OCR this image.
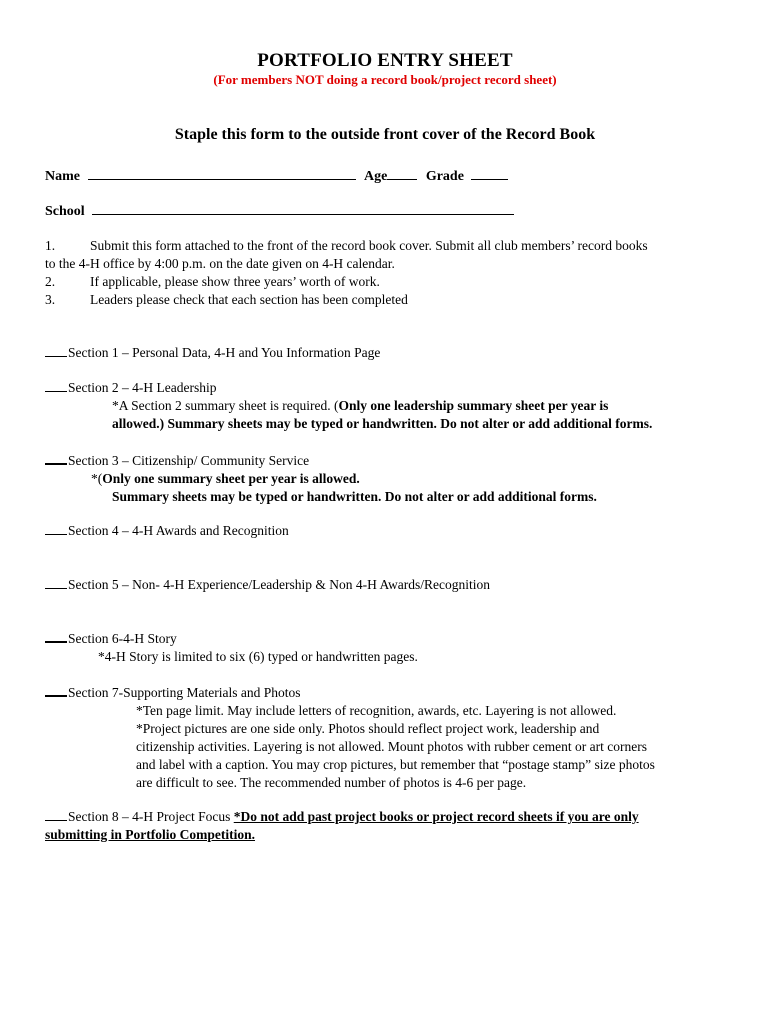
PORTFOLIO ENTRY SHEET
(For members NOT doing a record book/project record sheet)
Staple this form to the outside front cover of the Record Book
Name	Age	Grade
School
1.	Submit this form attached to the front of the record book cover. Submit all club members’ record books
to the 4-H office by 4:00 p.m. on the date given on 4-H calendar.
2.	If applicable, please show three years’ worth of work.
3.	Leaders please check that each section has been completed
Section 1 – Personal Data, 4-H and You Information Page
Section 2 – 4-H Leadership
*A Section 2 summary sheet is required. (Only one leadership summary sheet per year is
allowed.) Summary sheets may be typed or handwritten. Do not alter or add additional forms.
Section 3 – Citizenship/ Community Service
*(Only one summary sheet per year is allowed.
Summary sheets may be typed or handwritten. Do not alter or add additional forms.
Section 4 – 4-H Awards and Recognition
Section 5 – Non- 4-H Experience/Leadership & Non 4-H Awards/Recognition
Section 6-4-H Story
*4-H Story is limited to six (6) typed or handwritten pages.
Section 7-Supporting Materials and Photos
*Ten page limit. May include letters of recognition, awards, etc. Layering is not allowed.
*Project pictures are one side only. Photos should reflect project work, leadership and
citizenship activities. Layering is not allowed. Mount photos with rubber cement or art corners
and label with a caption. You may crop pictures, but remember that “postage stamp” size photos
are difficult to see. The recommended number of photos is 4-6 per page.
Section 8 – 4-H Project Focus *Do not add past project books or project record sheets if you are only
submitting in Portfolio Competition.
